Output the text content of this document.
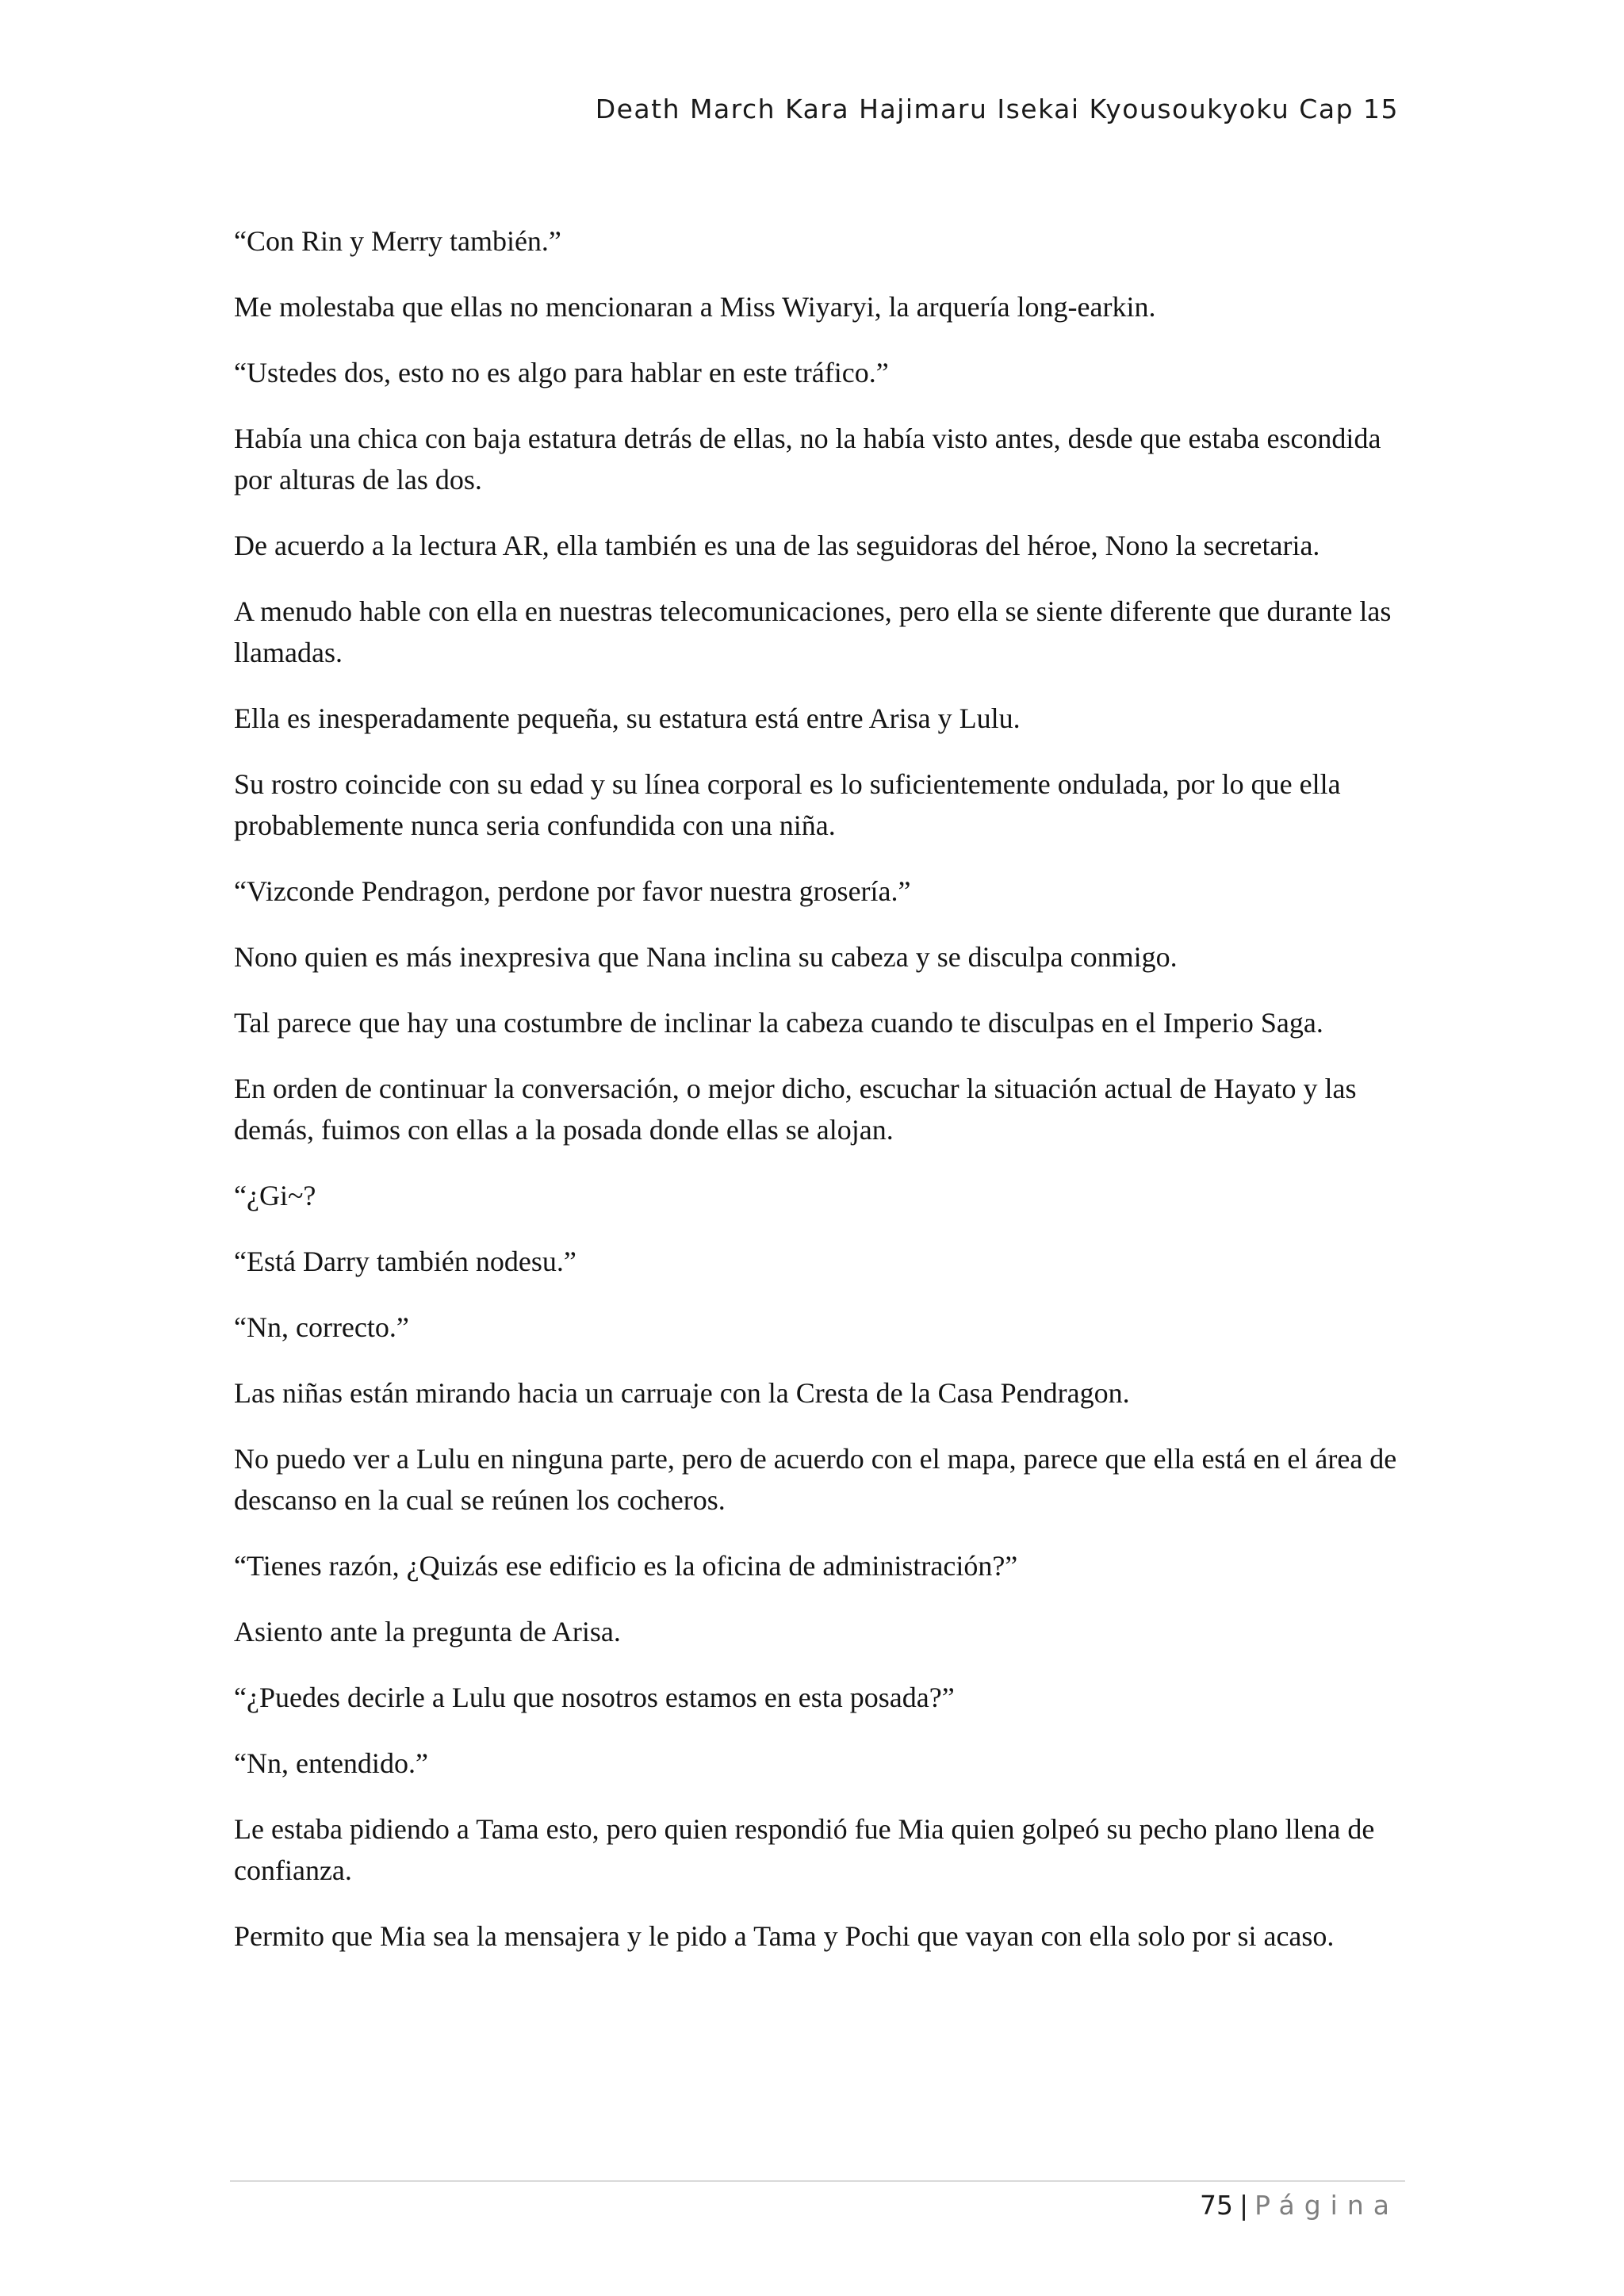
Death March Kara Hajimaru Isekai Kyousoukyoku Cap 15

“Con Rin y Merry también.”

Me molestaba que ellas no mencionaran a Miss Wiyaryi, la arquería long-earkin.

“Ustedes dos, esto no es algo para hablar en este tráfico.”

Había una chica con baja estatura detrás de ellas, no la había visto antes, desde que estaba escondida por alturas de las dos.

De acuerdo a la lectura AR, ella también es una de las seguidoras del héroe, Nono la secretaria.

A menudo hable con ella en nuestras telecomunicaciones, pero ella se siente diferente que durante las llamadas.

Ella es inesperadamente pequeña, su estatura está entre Arisa y Lulu.

Su rostro coincide con su edad y su línea corporal es lo suficientemente ondulada, por lo que ella probablemente nunca seria confundida con una niña.

“Vizconde Pendragon, perdone por favor nuestra grosería.”

Nono quien es más inexpresiva que Nana inclina su cabeza y se disculpa conmigo.

Tal parece que hay una costumbre de inclinar la cabeza cuando te disculpas en el Imperio Saga.

En orden de continuar la conversación, o mejor dicho, escuchar la situación actual de Hayato y las demás, fuimos con ellas a la posada donde ellas se alojan.

“¿Gi~?

“Está Darry también nodesu.”

“Nn, correcto.”

Las niñas están mirando hacia un carruaje con la Cresta de la Casa Pendragon.

No puedo ver a Lulu en ninguna parte, pero de acuerdo con el mapa, parece que ella está en el área de descanso en la cual se reúnen los cocheros.

“Tienes razón, ¿Quizás ese edificio es la oficina de administración?”

Asiento ante la pregunta de Arisa.

“¿Puedes decirle a Lulu que nosotros estamos en esta posada?”

“Nn, entendido.”

Le estaba pidiendo a Tama esto, pero quien respondió fue Mia quien golpeó su pecho plano llena de confianza.

Permito que Mia sea la mensajera y le pido a Tama y Pochi que vayan con ella solo por si acaso.

75 | Página
